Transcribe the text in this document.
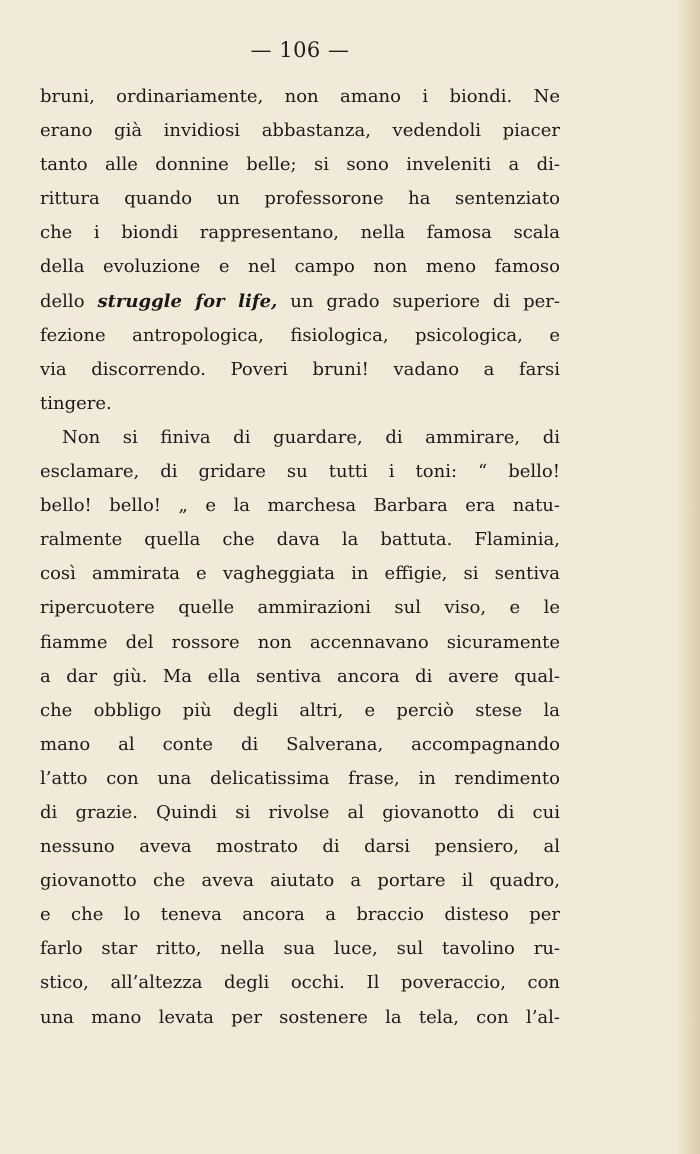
— 106 —
bruni, ordinariamente, non amano i biondi. Ne
erano già invidiosi abbastanza, vedendoli piacer
tanto alle donnine belle; si sono inveleniti a di-
rittura quando un professorone ha sentenziato
che i biondi rappresentano, nella famosa scala
della evoluzione e nel campo non meno famoso
dello struggle for life, un grado superiore di per-
fezione antropologica, fisiologica, psicologica, e
via discorrendo. Poveri bruni! vadano a farsi
tingere.
Non si finiva di guardare, di ammirare, di
esclamare, di gridare su tutti i toni: “ bello!
bello! bello! „ e la marchesa Barbara era natu-
ralmente quella che dava la battuta. Flaminia,
così ammirata e vagheggiata in effigie, si sentiva
ripercuotere quelle ammirazioni sul viso, e le
fiamme del rossore non accennavano sicuramente
a dar giù. Ma ella sentiva ancora di avere qual-
che obbligo più degli altri, e perciò stese la
mano al conte di Salverana, accompagnando
l’atto con una delicatissima frase, in rendimento
di grazie. Quindi si rivolse al giovanotto di cui
nessuno aveva mostrato di darsi pensiero, al
giovanotto che aveva aiutato a portare il quadro,
e che lo teneva ancora a braccio disteso per
farlo star ritto, nella sua luce, sul tavolino ru-
stico, all’altezza degli occhi. Il poveraccio, con
una mano levata per sostenere la tela, con l’al-
